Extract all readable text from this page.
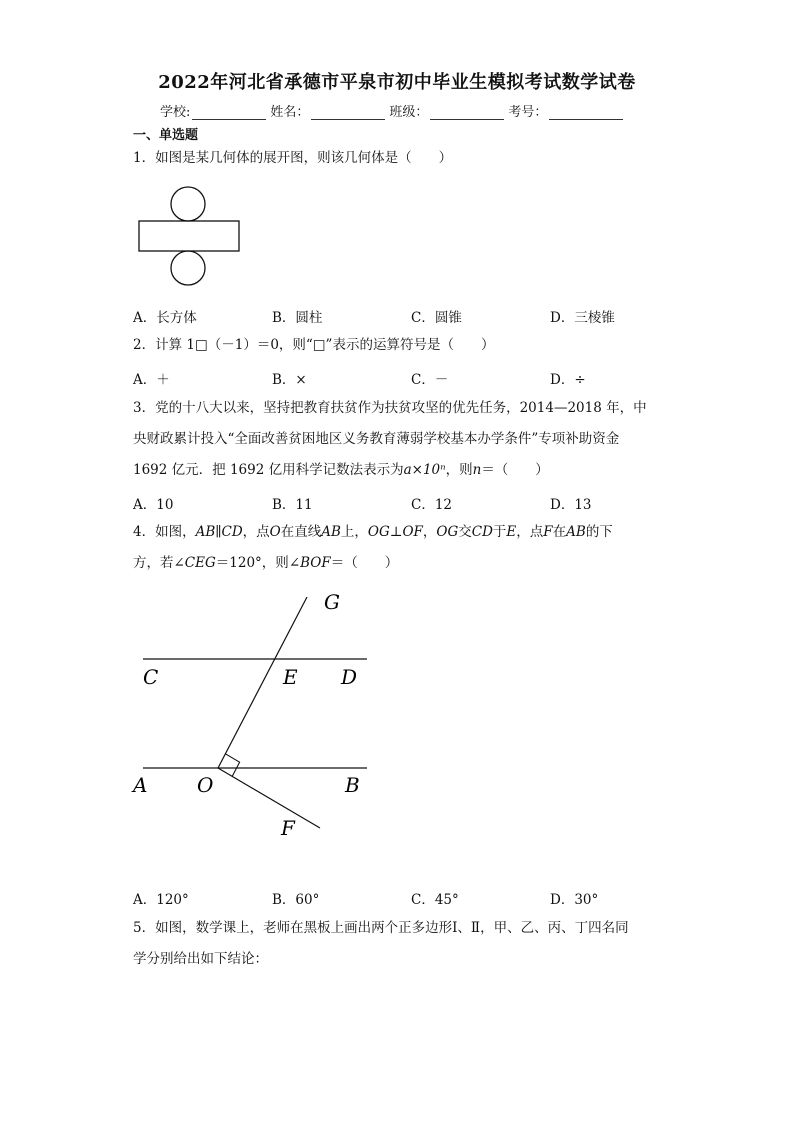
2022年河北省承德市平泉市初中毕业生模拟考试数学试卷
学校:	姓名：	班级：	考号：
一、单选题
1．如图是某几何体的展开图，则该几何体是（　　）
A．长方体	B．圆柱	C．圆锥	D．三棱锥
2．计算 1□（－1）＝0，则“□”表示的运算符号是（　　）
A．＋	B．×	C．－	D．÷
3．党的十八大以来，坚持把教育扶贫作为扶贫攻坚的优先任务，2014—2018 年，中
央财政累计投入“全面改善贫困地区义务教育薄弱学校基本办学条件”专项补助资金
1692 亿元．把 1692 亿用科学记数法表示为a×10ⁿ，则n＝（　　）
A．10	B．11	C．12	D．13
4．如图，AB∥CD，点O在直线AB上，OG⊥OF，OG交CD于E，点F在AB的下
方，若∠CEG＝120°，则∠BOF＝（　　）
G
C	E D
A O	B
F
A．120°	B．60°	C．45°	D．30°
5．如图，数学课上，老师在黑板上画出两个正多边形Ⅰ、Ⅱ，甲、乙、丙、丁四名同
学分别给出如下结论：
